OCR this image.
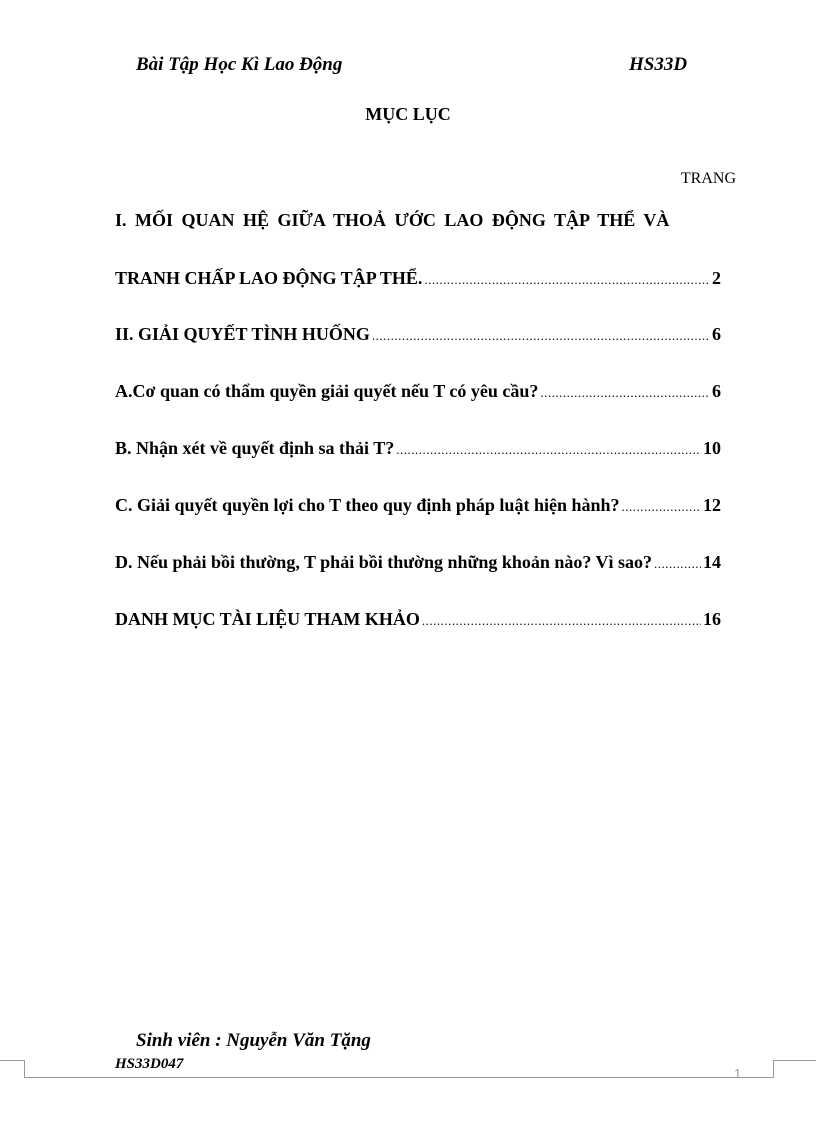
Bài Tập Học Kì Lao Động	HS33D
MỤC LỤC
TRANG
I. MỐI QUAN HỆ GIỮA THOẢ ƯỚC LAO ĐỘNG TẬP THỂ VÀ
TRANH CHẤP LAO ĐỘNG TẬP THỂ. .....	2
II. GIẢI QUYẾT TÌNH HUỐNG .....	6
A.Cơ quan có thẩm quyền giải quyết nếu T có yêu cầu? .....	6
B. Nhận xét về quyết định sa thải T? .....	10
C. Giải quyết quyền lợi cho T theo quy định pháp luật hiện hành? .....	12
D. Nếu phải bồi thường, T phải bồi thường những khoản nào? Vì sao? .....	14
DANH MỤC TÀI LIỆU THAM KHẢO .....	16
Sinh viên : Nguyễn Văn Tặng
HS33D047
1
